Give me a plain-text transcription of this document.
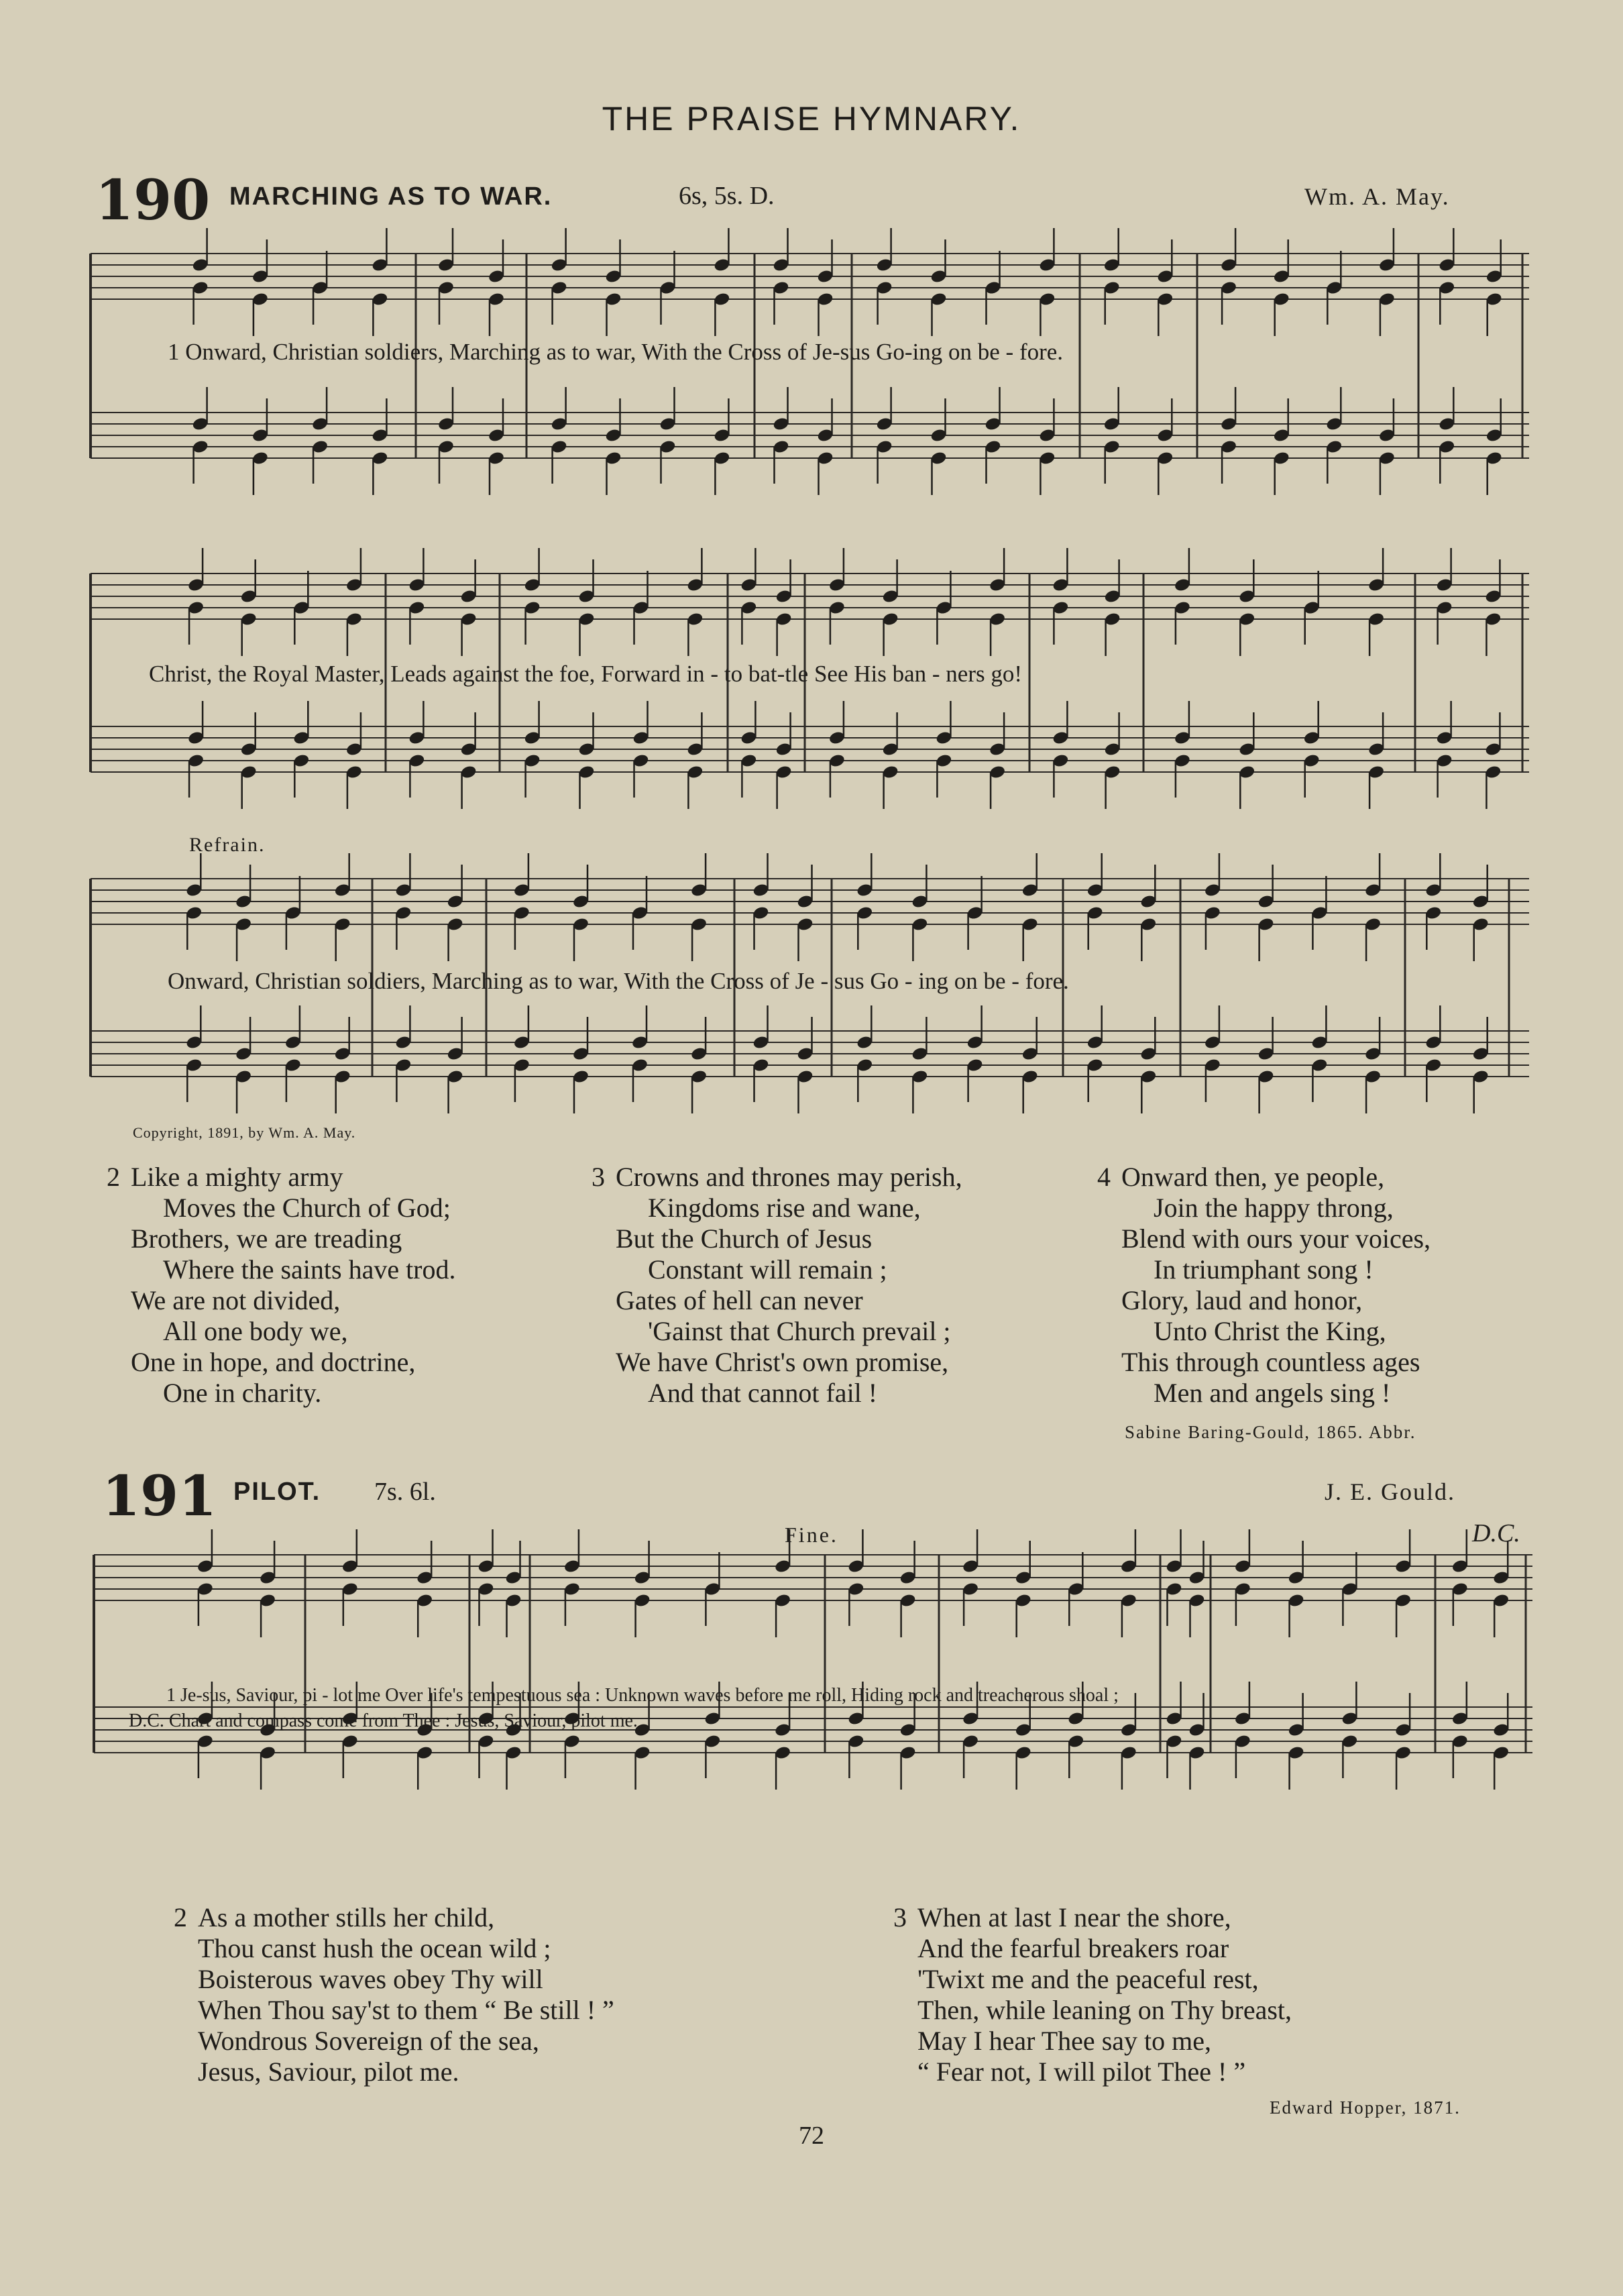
THE PRAISE HYMNARY.
190 MARCHING AS TO WAR.	6s, 5s. D.	Wm. A. May.
1 Onward, Christian soldiers, Marching as to war, With the Cross of Je-sus Go-ing on be - fore.
Christ, the Royal Master, Leads against the foe, Forward in - to bat-tle See His ban - ners go!
Refrain.
Onward, Christian soldiers, Marching as to war, With the Cross of Je - sus Go - ing on be - fore.
Copyright, 1891, by Wm. A. May.
2 Like a mighty army
Moves the Church of God;
Brothers, we are treading
Where the saints have trod.
We are not divided,
All one body we,
One in hope, and doctrine,
One in charity.
3 Crowns and thrones may perish,
Kingdoms rise and wane,
But the Church of Jesus
Constant will remain ;
Gates of hell can never
'Gainst that Church prevail ;
We have Christ's own promise,
And that cannot fail !
4 Onward then, ye people,
Join the happy throng,
Blend with ours your voices,
In triumphant song !
Glory, laud and honor,
Unto Christ the King,
This through countless ages
Men and angels sing !
Sabine Baring-Gould, 1865. Abbr.
191 PILOT. 7s. 6l.	J. E. Gould.
Fine.	D.C.
1 Je-sus, Saviour, pi - lot me Over life's tempestuous sea : Unknown waves before me roll, Hiding rock and treacherous shoal ;
D.C. Chart and compass come from Thee : Jesus, Saviour, pilot me.
2 As a mother stills her child,
Thou canst hush the ocean wild ;
Boisterous waves obey Thy will
When Thou say'st to them “ Be still ! ”
Wondrous Sovereign of the sea,
Jesus, Saviour, pilot me.
3 When at last I near the shore,
And the fearful breakers roar
'Twixt me and the peaceful rest,
Then, while leaning on Thy breast,
May I hear Thee say to me,
“ Fear not, I will pilot Thee ! ”
Edward Hopper, 1871.
72
